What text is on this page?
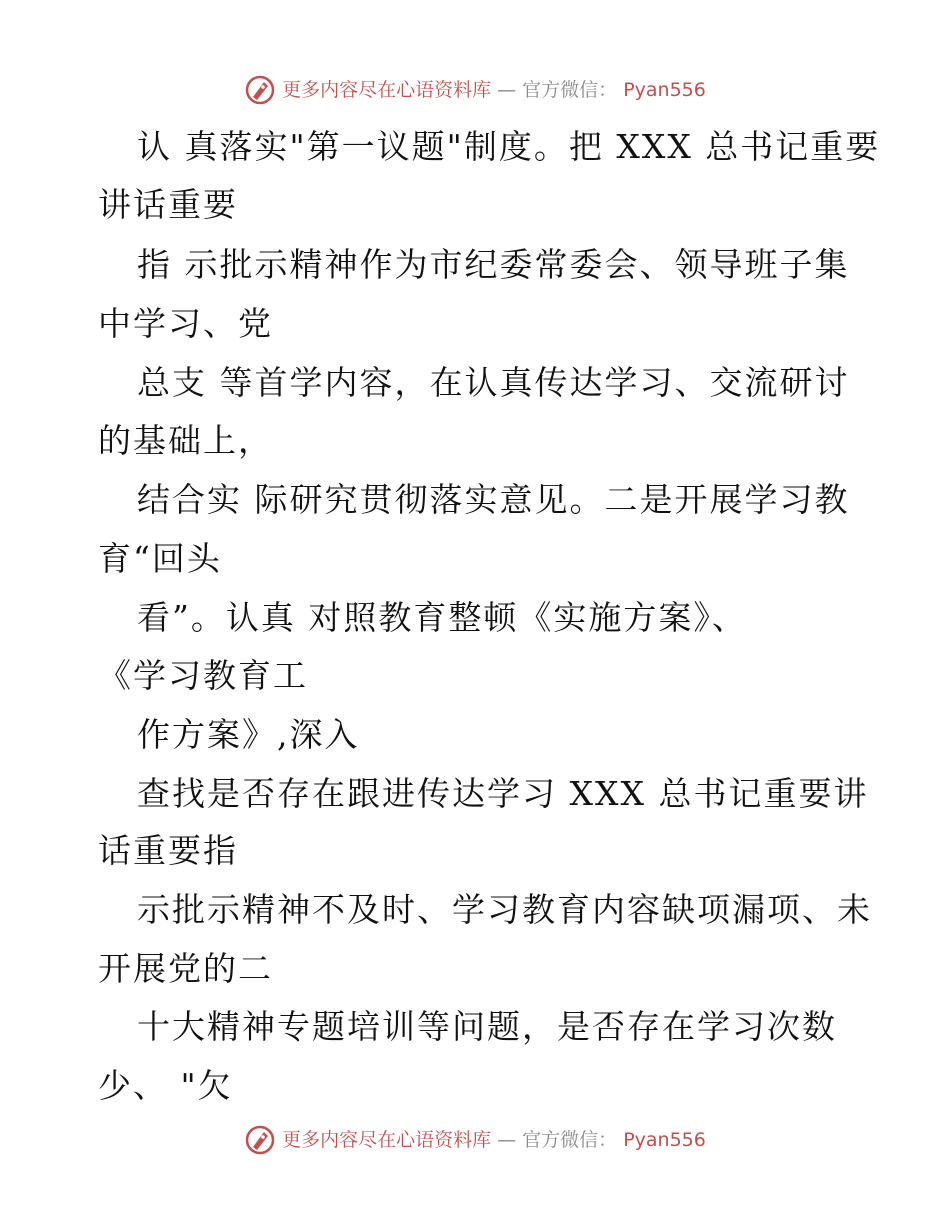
更多内容尽在心语资料库 — 官方微信： Pyan556
认 真落实"第一议题"制度。把 XXX 总书记重要
讲话重要
指 示批示精神作为市纪委常委会、领导班子集
中学习、党
总支 等首学内容，在认真传达学习、交流研讨
的基础上，
结合实 际研究贯彻落实意见。二是开展学习教
育“回头
看”。认真 对照教育整顿《实施方案》、
《学习教育工
作方案》,深入
查找是否存在跟进传达学习 XXX 总书记重要讲
话重要指
示批示精神不及时、学习教育内容缺项漏项、未
开展党的二
十大精神专题培训等问题，是否存在学习次数
少、 "欠
更多内容尽在心语资料库 — 官方微信： Pyan556
